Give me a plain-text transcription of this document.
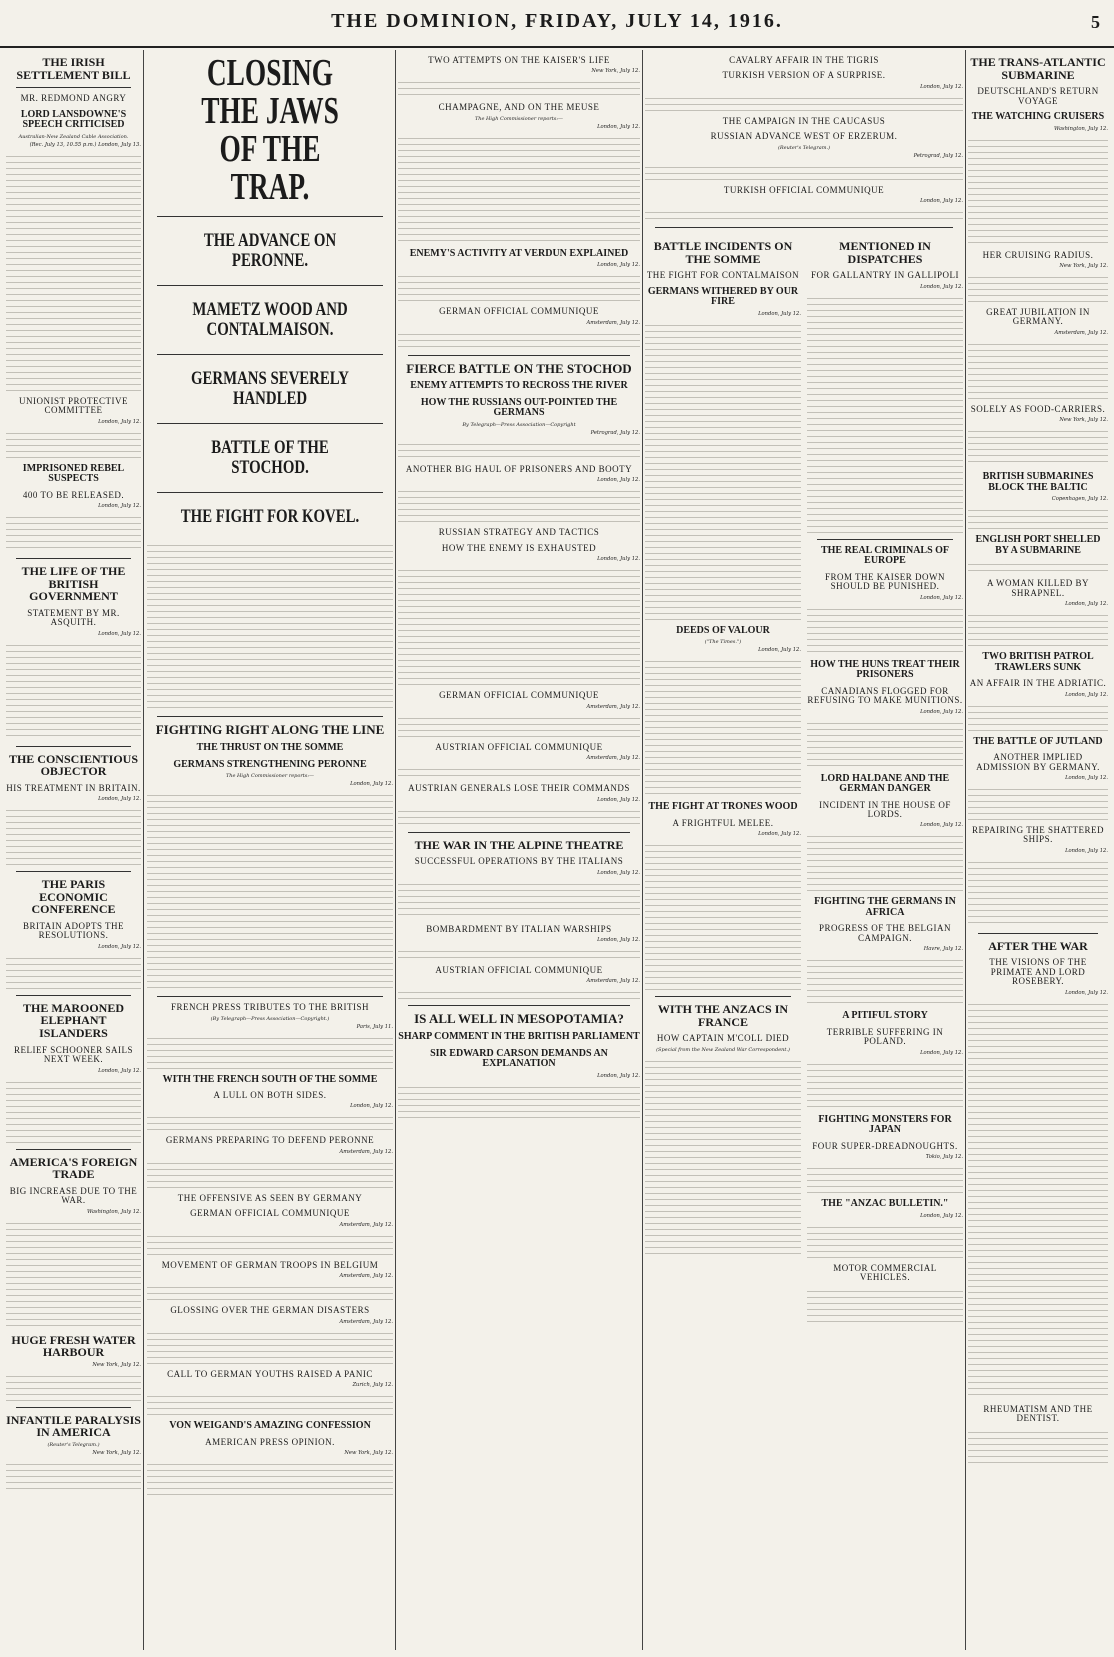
THE DOMINION, FRIDAY, JULY 14, 1916.	5
THE IRISH SETTLEMENT BILL
MR. REDMOND ANGRY
LORD LANSDOWNE'S SPEECH CRITICISED
Australian-New Zealand Cable Association.
(Rec. July 13, 10.55 p.m.) London, July 13.
UNIONIST PROTECTIVE COMMITTEE
London, July 12.
IMPRISONED REBEL SUSPECTS
400 TO BE RELEASED.
London, July 12.
THE LIFE OF THE BRITISH GOVERNMENT
STATEMENT BY MR. ASQUITH.
London, July 12.
THE CONSCIENTIOUS OBJECTOR
HIS TREATMENT IN BRITAIN.
London, July 12.
THE PARIS ECONOMIC CONFERENCE
BRITAIN ADOPTS THE RESOLUTIONS.
London, July 12.
THE MAROONED ELEPHANT ISLANDERS
RELIEF SCHOONER SAILS NEXT WEEK.
London, July 12.
AMERICA'S FOREIGN TRADE
BIG INCREASE DUE TO THE WAR.
Washington, July 12.
HUGE FRESH WATER HARBOUR
New York, July 12.
INFANTILE PARALYSIS IN AMERICA
(Reuter's Telegram.)
New York, July 12.
CLOSING THE JAWS OF THE TRAP.
THE ADVANCE ON PERONNE.
MAMETZ WOOD AND CONTALMAISON.
GERMANS SEVERELY HANDLED
BATTLE OF THE STOCHOD.
THE FIGHT FOR KOVEL.
FIGHTING RIGHT ALONG THE LINE
THE THRUST ON THE SOMME
GERMANS STRENGTHENING PERONNE
The High Commissioner reports:—
London, July 12.
FRENCH PRESS TRIBUTES TO THE BRITISH
(By Telegraph—Press Association—Copyright.)
Paris, July 11.
WITH THE FRENCH SOUTH OF THE SOMME
A LULL ON BOTH SIDES.
London, July 12.
GERMANS PREPARING TO DEFEND PERONNE
Amsterdam, July 12.
THE OFFENSIVE AS SEEN BY GERMANY
GERMAN OFFICIAL COMMUNIQUE
Amsterdam, July 12.
MOVEMENT OF GERMAN TROOPS IN BELGIUM
Amsterdam, July 12.
GLOSSING OVER THE GERMAN DISASTERS
Amsterdam, July 12.
CALL TO GERMAN YOUTHS RAISED A PANIC
Zurich, July 12.
VON WEIGAND'S AMAZING CONFESSION
AMERICAN PRESS OPINION.
New York, July 12.
TWO ATTEMPTS ON THE KAISER'S LIFE
New York, July 12.
CHAMPAGNE, AND ON THE MEUSE
The High Commissioner reports:—
London, July 12.
ENEMY'S ACTIVITY AT VERDUN EXPLAINED
London, July 12.
GERMAN OFFICIAL COMMUNIQUE
Amsterdam, July 12.
FIERCE BATTLE ON THE STOCHOD
ENEMY ATTEMPTS TO RECROSS THE RIVER
HOW THE RUSSIANS OUT-POINTED THE GERMANS
By Telegraph—Press Association—Copyright
Petrograd, July 12.
ANOTHER BIG HAUL OF PRISONERS AND BOOTY
London, July 12.
RUSSIAN STRATEGY AND TACTICS
HOW THE ENEMY IS EXHAUSTED
London, July 12.
GERMAN OFFICIAL COMMUNIQUE
Amsterdam, July 12.
AUSTRIAN OFFICIAL COMMUNIQUE
Amsterdam, July 12.
AUSTRIAN GENERALS LOSE THEIR COMMANDS
London, July 12.
THE WAR IN THE ALPINE THEATRE
SUCCESSFUL OPERATIONS BY THE ITALIANS
London, July 12.
BOMBARDMENT BY ITALIAN WARSHIPS
London, July 12.
AUSTRIAN OFFICIAL COMMUNIQUE
Amsterdam, July 12.
IS ALL WELL IN MESOPOTAMIA?
SHARP COMMENT IN THE BRITISH PARLIAMENT
SIR EDWARD CARSON DEMANDS AN EXPLANATION
London, July 12.
CAVALRY AFFAIR IN THE TIGRIS
TURKISH VERSION OF A SURPRISE.
London, July 12.
THE CAMPAIGN IN THE CAUCASUS
RUSSIAN ADVANCE WEST OF ERZERUM.
(Reuter's Telegram.)
Petrograd, July 12.
TURKISH OFFICIAL COMMUNIQUE
London, July 12.
BATTLE INCIDENTS ON THE SOMME
THE FIGHT FOR CONTALMAISON
GERMANS WITHERED BY OUR FIRE
London, July 12.
DEEDS OF VALOUR
("The Times.")
London, July 12.
THE FIGHT AT TRONES WOOD
A FRIGHTFUL MELEE.
London, July 12.
WITH THE ANZACS IN FRANCE
HOW CAPTAIN M'COLL DIED
(Special from the New Zealand War Correspondent.)
MENTIONED IN DISPATCHES
FOR GALLANTRY IN GALLIPOLI
London, July 12.
THE REAL CRIMINALS OF EUROPE
FROM THE KAISER DOWN SHOULD BE PUNISHED.
London, July 12.
HOW THE HUNS TREAT THEIR PRISONERS
CANADIANS FLOGGED FOR REFUSING TO MAKE MUNITIONS.
London, July 12.
LORD HALDANE AND THE GERMAN DANGER
INCIDENT IN THE HOUSE OF LORDS.
London, July 12.
FIGHTING THE GERMANS IN AFRICA
PROGRESS OF THE BELGIAN CAMPAIGN.
Havre, July 12.
A PITIFUL STORY
TERRIBLE SUFFERING IN POLAND.
London, July 12.
FIGHTING MONSTERS FOR JAPAN
FOUR SUPER-DREADNOUGHTS.
Tokio, July 12.
THE "ANZAC BULLETIN."
London, July 12.
MOTOR COMMERCIAL VEHICLES.
THE TRANS-ATLANTIC SUBMARINE
DEUTSCHLAND'S RETURN VOYAGE
THE WATCHING CRUISERS
Washington, July 12.
HER CRUISING RADIUS.
New York, July 12.
GREAT JUBILATION IN GERMANY.
Amsterdam, July 12.
SOLELY AS FOOD-CARRIERS.
New York, July 12.
BRITISH SUBMARINES BLOCK THE BALTIC
Copenhagen, July 12.
ENGLISH PORT SHELLED BY A SUBMARINE
A WOMAN KILLED BY SHRAPNEL.
London, July 12.
TWO BRITISH PATROL TRAWLERS SUNK
AN AFFAIR IN THE ADRIATIC.
London, July 12.
THE BATTLE OF JUTLAND
ANOTHER IMPLIED ADMISSION BY GERMANY.
London, July 12.
REPAIRING THE SHATTERED SHIPS.
London, July 12.
AFTER THE WAR
THE VISIONS OF THE PRIMATE AND LORD ROSEBERY.
London, July 12.
RHEUMATISM AND THE DENTIST.
